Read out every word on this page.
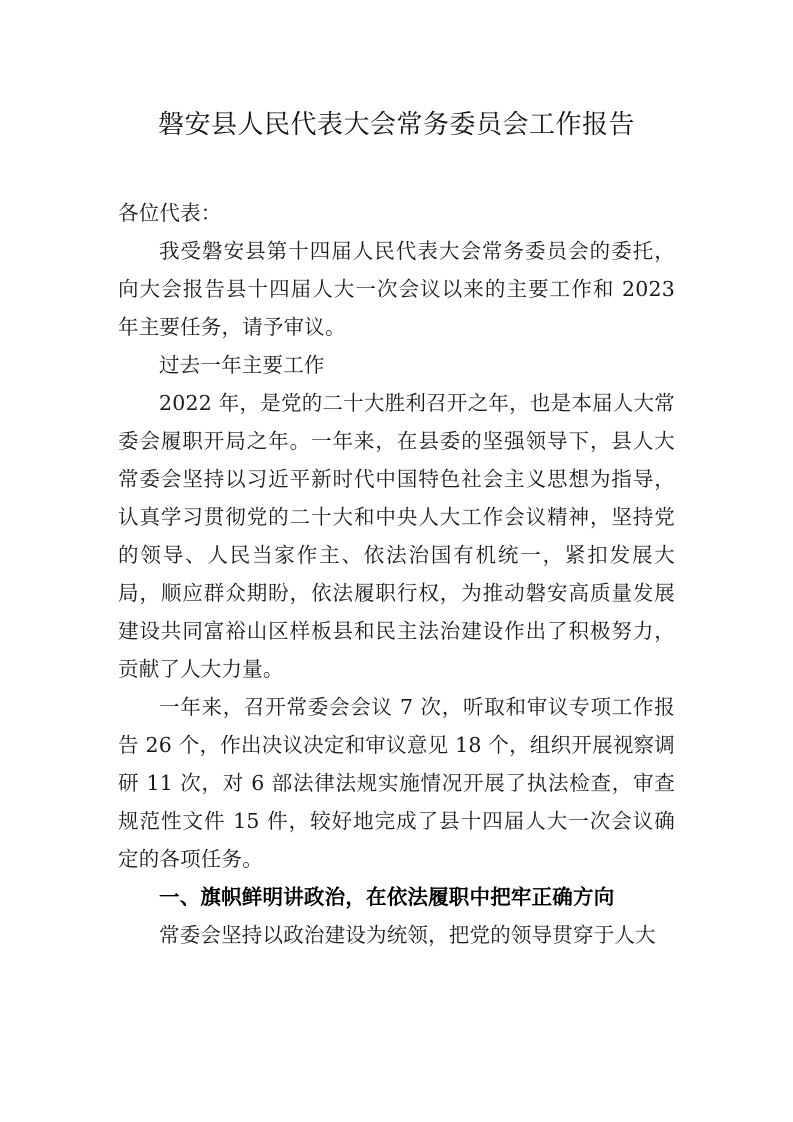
磐安县人民代表大会常务委员会工作报告

各位代表：

我受磐安县第十四届人民代表大会常务委员会的委托，向大会报告县十四届人大一次会议以来的主要工作和 2023 年主要任务，请予审议。

过去一年主要工作

2022 年，是党的二十大胜利召开之年，也是本届人大常委会履职开局之年。一年来，在县委的坚强领导下，县人大常委会坚持以习近平新时代中国特色社会主义思想为指导，认真学习贯彻党的二十大和中央人大工作会议精神，坚持党的领导、人民当家作主、依法治国有机统一，紧扣发展大局，顺应群众期盼，依法履职行权，为推动磐安高质量发展建设共同富裕山区样板县和民主法治建设作出了积极努力，贡献了人大力量。

一年来，召开常委会会议 7 次，听取和审议专项工作报告 26 个，作出决议决定和审议意见 18 个，组织开展视察调研 11 次，对 6 部法律法规实施情况开展了执法检查，审查规范性文件 15 件，较好地完成了县十四届人大一次会议确定的各项任务。

一、旗帜鲜明讲政治，在依法履职中把牢正确方向

常委会坚持以政治建设为统领，把党的领导贯穿于人大
